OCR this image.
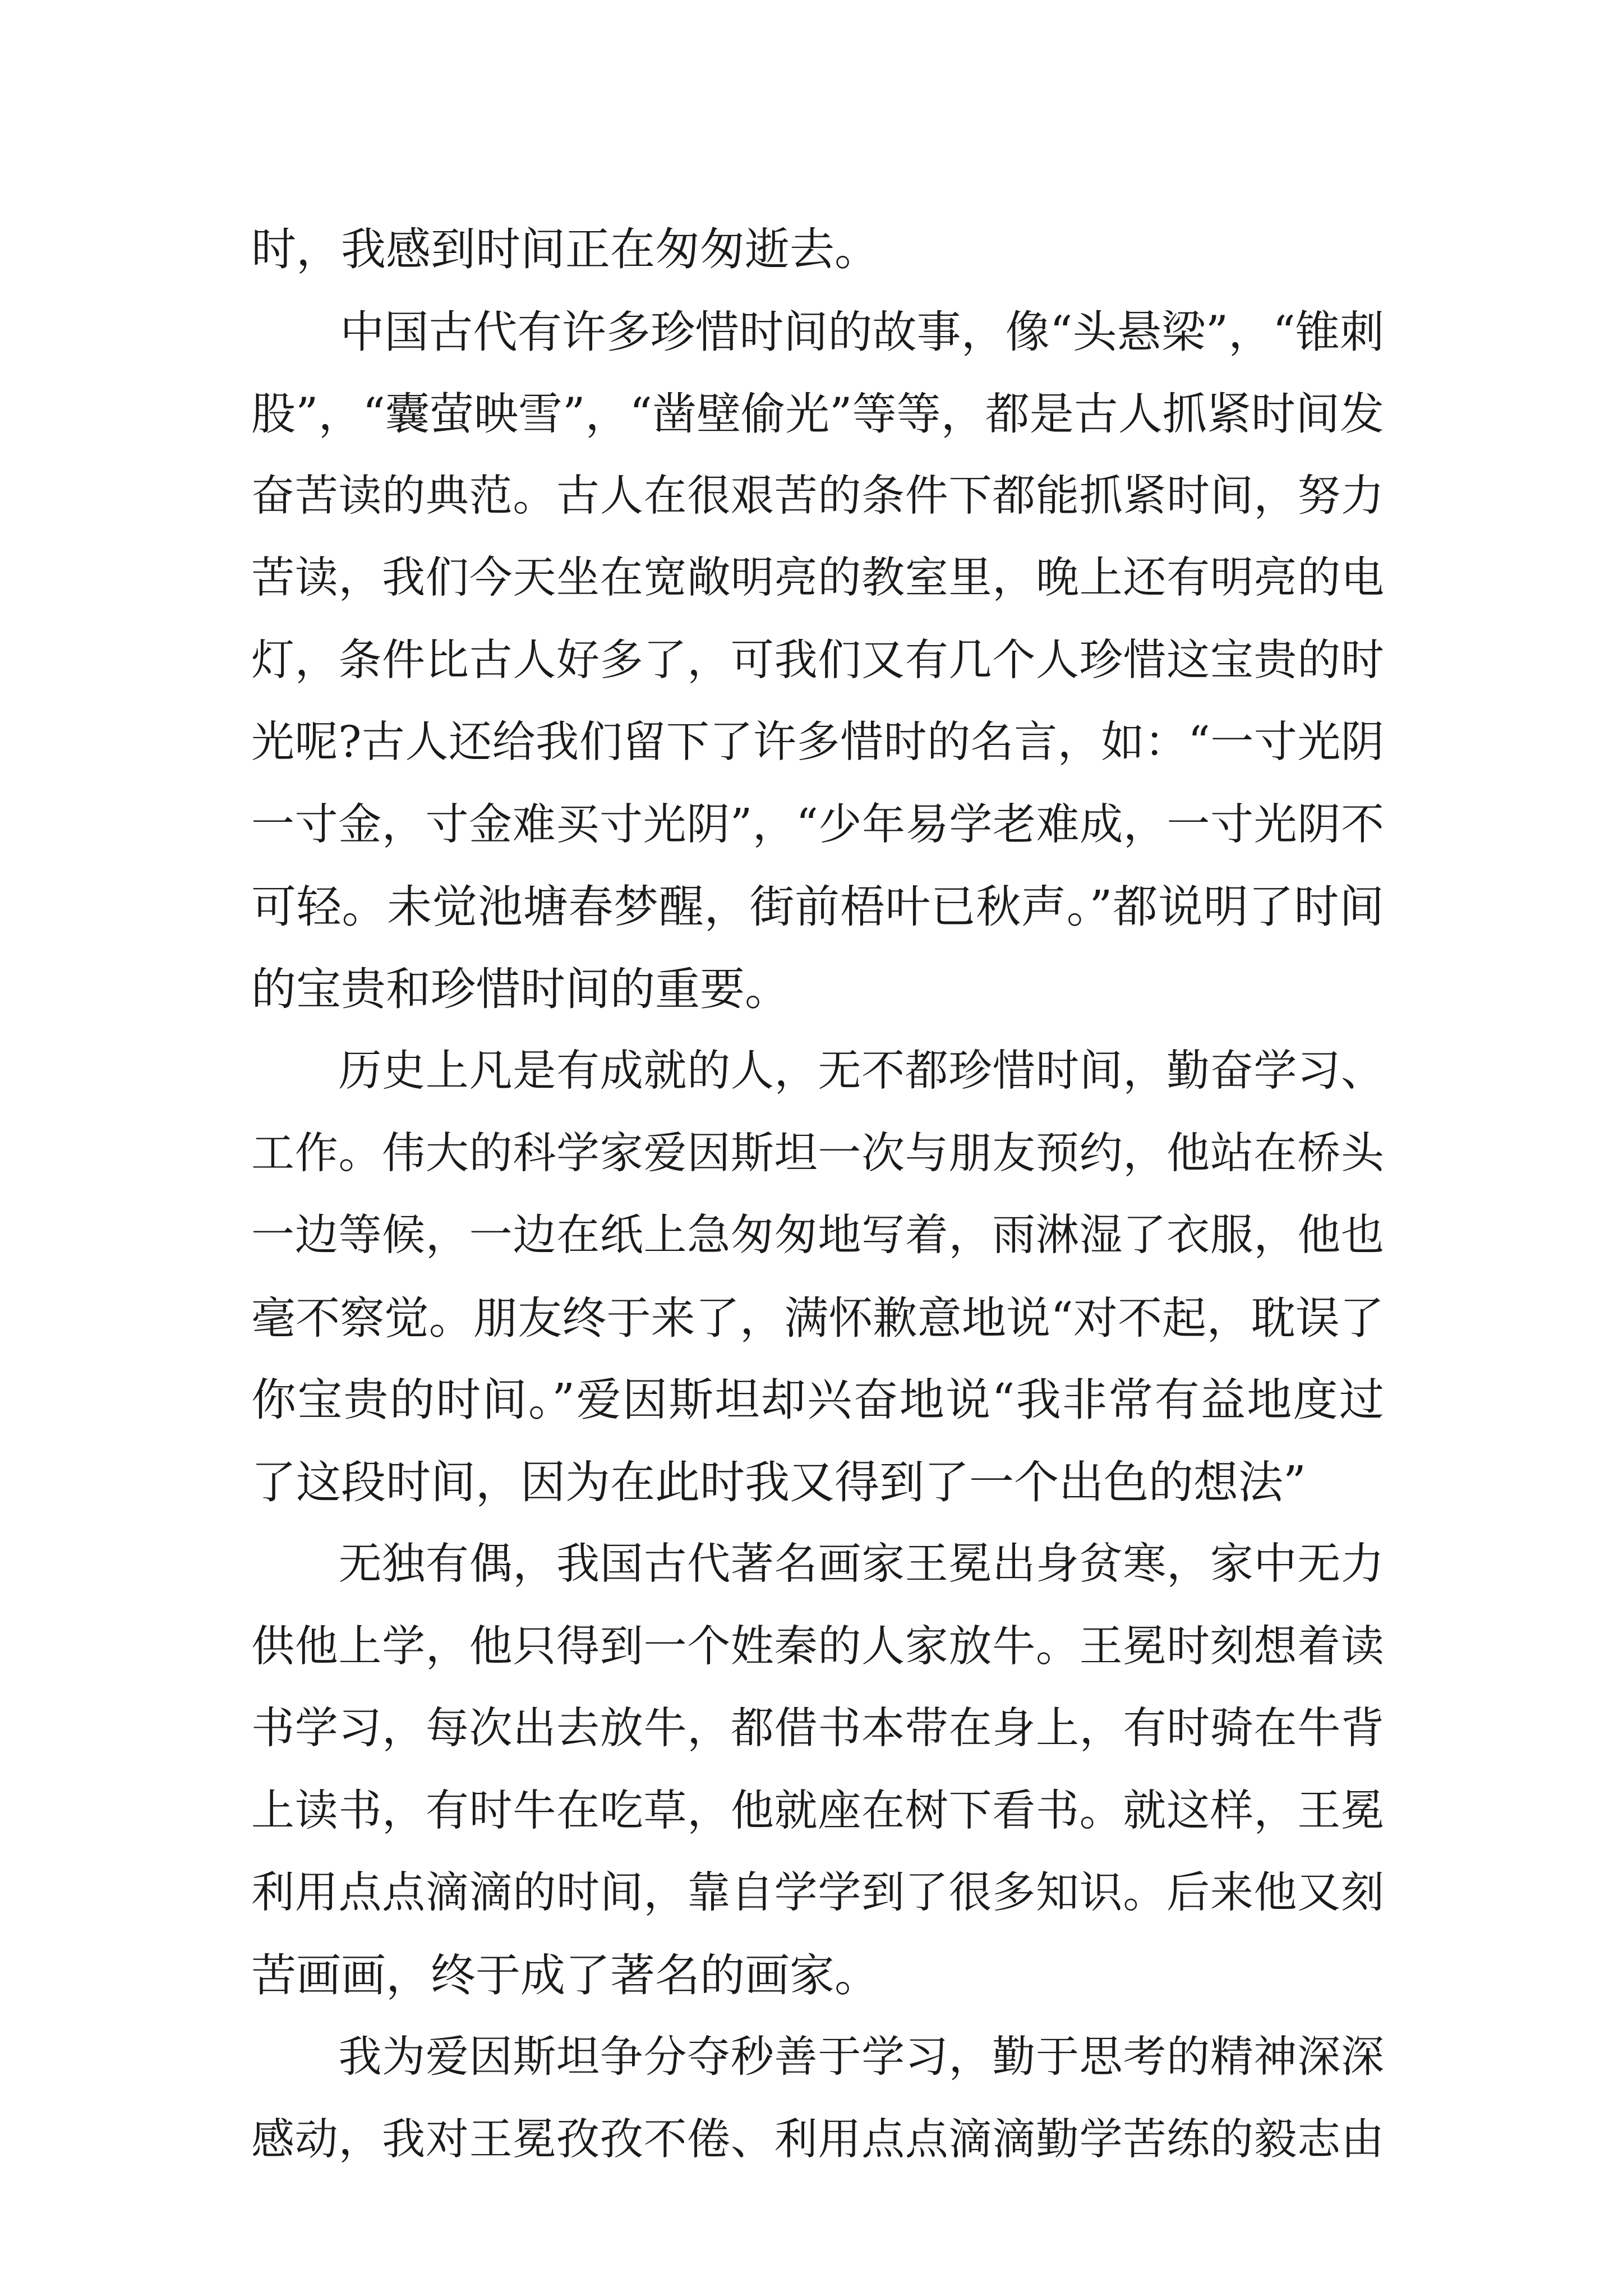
时，我感到时间正在匆匆逝去。
　　中国古代有许多珍惜时间的故事，像“头悬梁”，“锥刺
股”，“囊萤映雪”，“凿壁偷光”等等，都是古人抓紧时间发
奋苦读的典范。古人在很艰苦的条件下都能抓紧时间，努力
苦读，我们今天坐在宽敞明亮的教室里，晚上还有明亮的电
灯，条件比古人好多了，可我们又有几个人珍惜这宝贵的时
光呢?古人还给我们留下了许多惜时的名言，如：“一寸光阴
一寸金，寸金难买寸光阴”，“少年易学老难成，一寸光阴不
可轻。未觉池塘春梦醒，街前梧叶已秋声。”都说明了时间
的宝贵和珍惜时间的重要。
　　历史上凡是有成就的人，无不都珍惜时间，勤奋学习、
工作。伟大的科学家爱因斯坦一次与朋友预约，他站在桥头
一边等候，一边在纸上急匆匆地写着，雨淋湿了衣服，他也
毫不察觉。朋友终于来了，满怀歉意地说“对不起，耽误了
你宝贵的时间。”爱因斯坦却兴奋地说“我非常有益地度过
了这段时间，因为在此时我又得到了一个出色的想法”
　　无独有偶，我国古代著名画家王冕出身贫寒，家中无力
供他上学，他只得到一个姓秦的人家放牛。王冕时刻想着读
书学习，每次出去放牛，都借书本带在身上，有时骑在牛背
上读书，有时牛在吃草，他就座在树下看书。就这样，王冕
利用点点滴滴的时间，靠自学学到了很多知识。后来他又刻
苦画画，终于成了著名的画家。
　　我为爱因斯坦争分夺秒善于学习，勤于思考的精神深深
感动，我对王冕孜孜不倦、利用点点滴滴勤学苦练的毅志由
